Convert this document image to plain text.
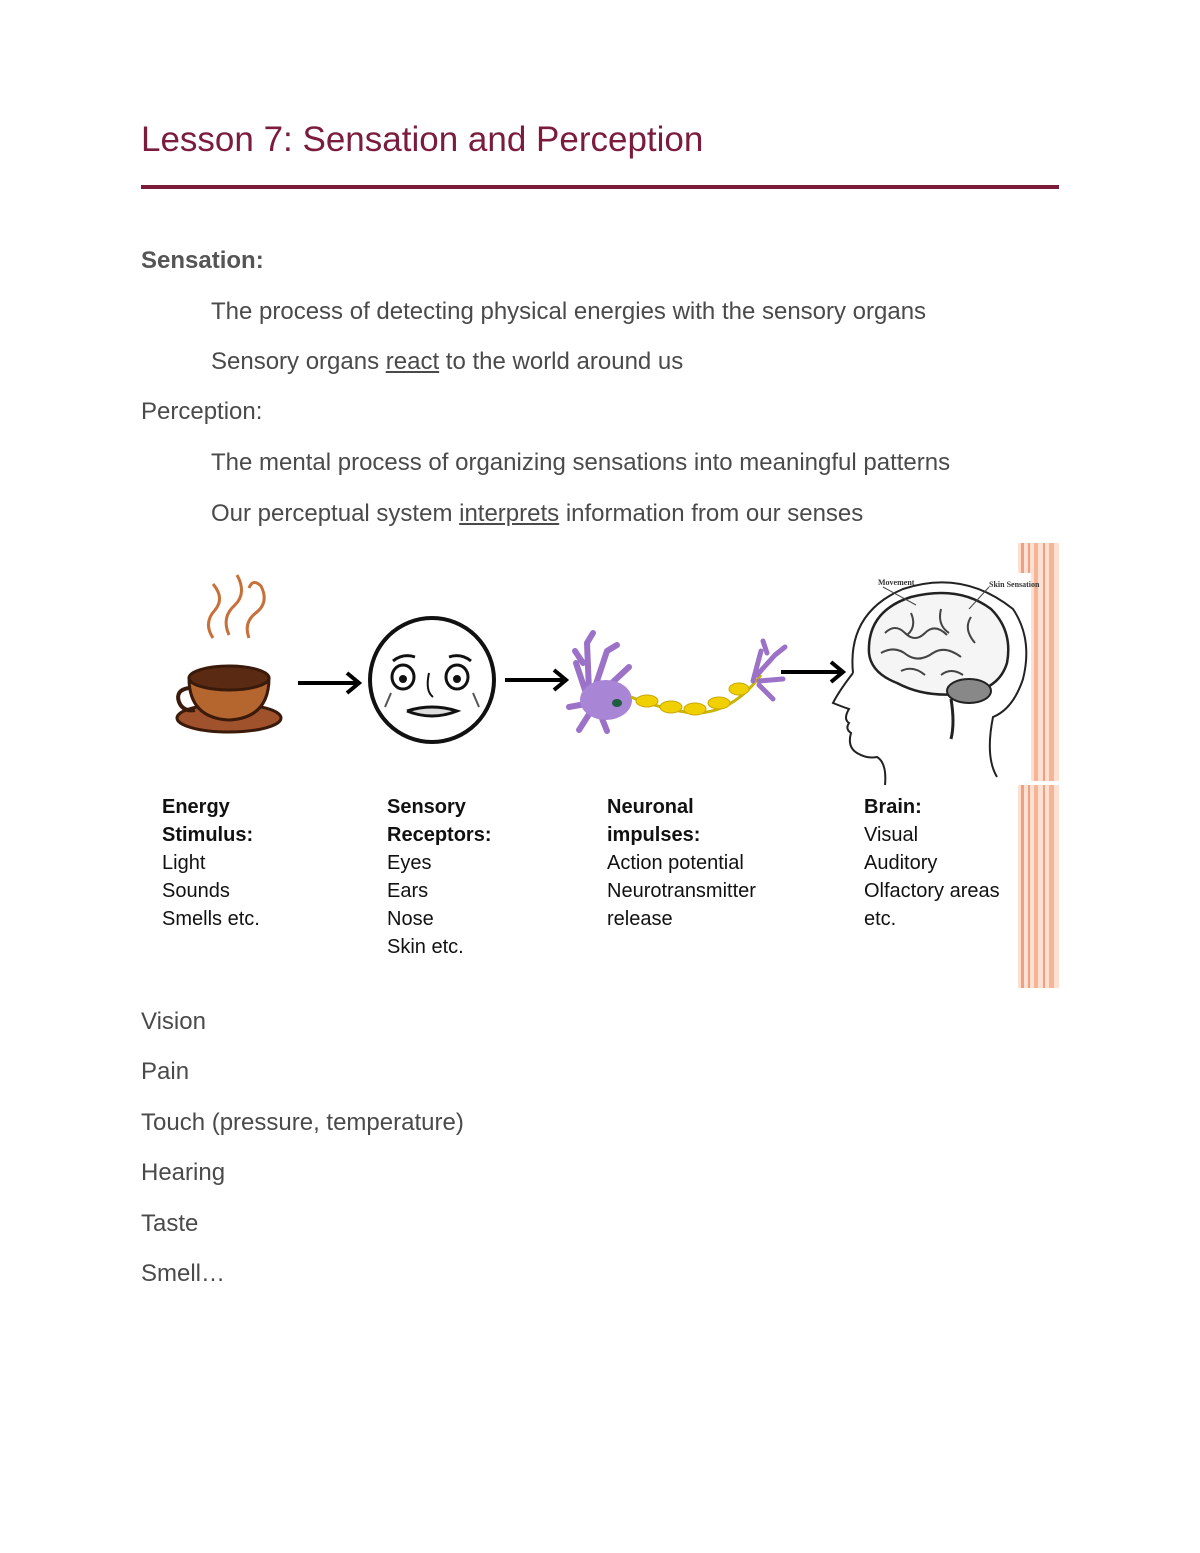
Lesson 7: Sensation and Perception
Sensation:
The process of detecting physical energies with the sensory organs
Sensory organs react to the world around us
Perception:
The mental process of organizing sensations into meaningful patterns
Our perceptual system interprets information from our senses
Movement	Skin Sensation
Energy
Stimulus:
Light
Sounds
Smells etc.
Sensory
Receptors:
Eyes
Ears
Nose
Skin etc.
Neuronal
impulses:
Action potential
Neurotransmitter
release
Brain:
Visual
Auditory
Olfactory areas
etc.
Vision
Pain
Touch (pressure, temperature)
Hearing
Taste
Smell…
